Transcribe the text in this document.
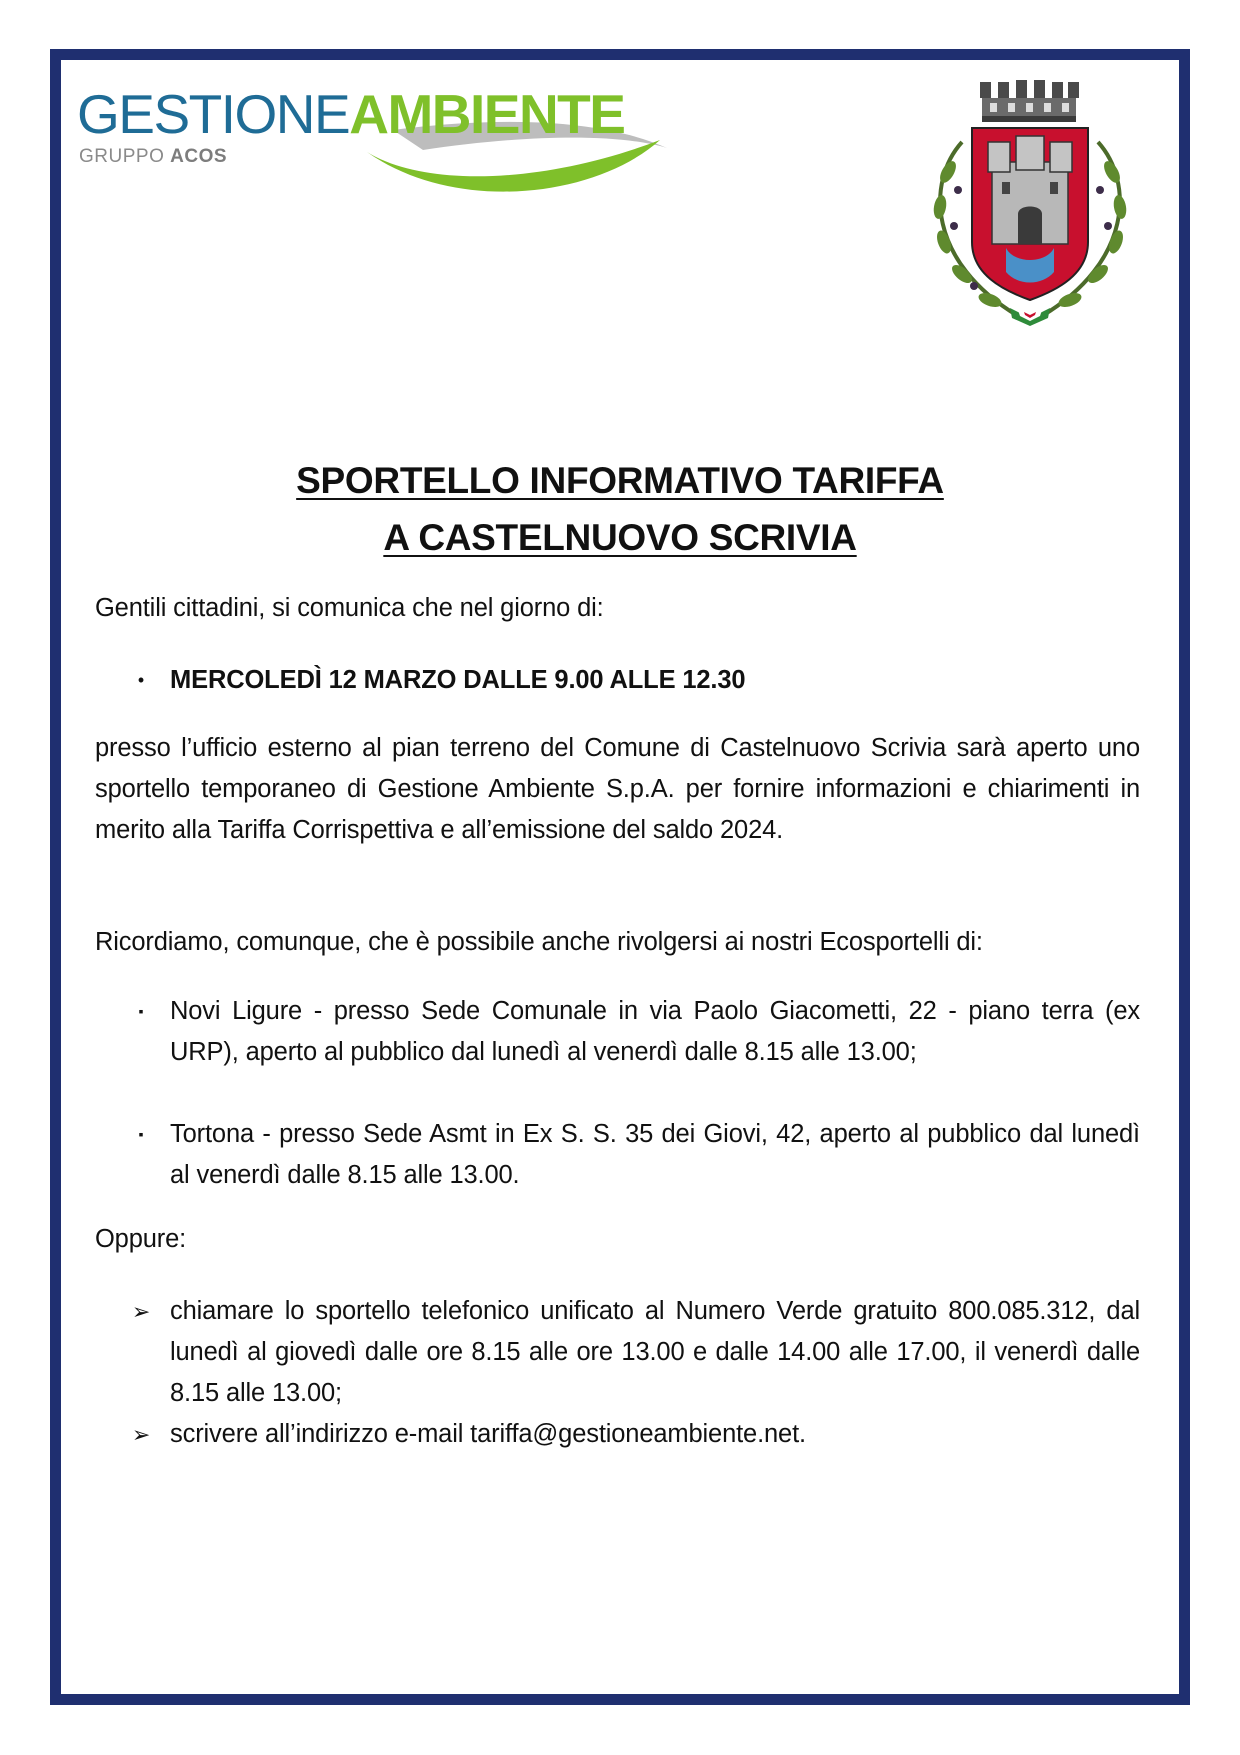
GESTIONEAMBIENTE
GRUPPO ACOS
SPORTELLO INFORMATIVO TARIFFA
A CASTELNUOVO SCRIVIA

Gentili cittadini, si comunica che nel giorno di:

•	MERCOLEDÌ 12 MARZO DALLE 9.00 ALLE 12.30

presso l’ufficio esterno al pian terreno del Comune di Castelnuovo Scrivia sarà aperto uno sportello temporaneo di Gestione Ambiente S.p.A. per fornire informazioni e chiarimenti in merito alla Tariffa Corrispettiva e all’emissione del saldo 2024.

Ricordiamo, comunque, che è possibile anche rivolgersi ai nostri Ecosportelli di:

▪	Novi Ligure - presso Sede Comunale in via Paolo Giacometti, 22 - piano terra (ex URP), aperto al pubblico dal lunedì al venerdì dalle 8.15 alle 13.00;
▪	Tortona - presso Sede Asmt in Ex S. S. 35 dei Giovi, 42, aperto al pubblico dal lunedì al venerdì dalle 8.15 alle 13.00.

Oppure:

➢ chiamare lo sportello telefonico unificato al Numero Verde gratuito 800.085.312, dal lunedì al giovedì dalle ore 8.15 alle ore 13.00 e dalle 14.00 alle 17.00, il venerdì dalle 8.15 alle 13.00;
➢ scrivere all’indirizzo e-mail tariffa@gestioneambiente.net.
